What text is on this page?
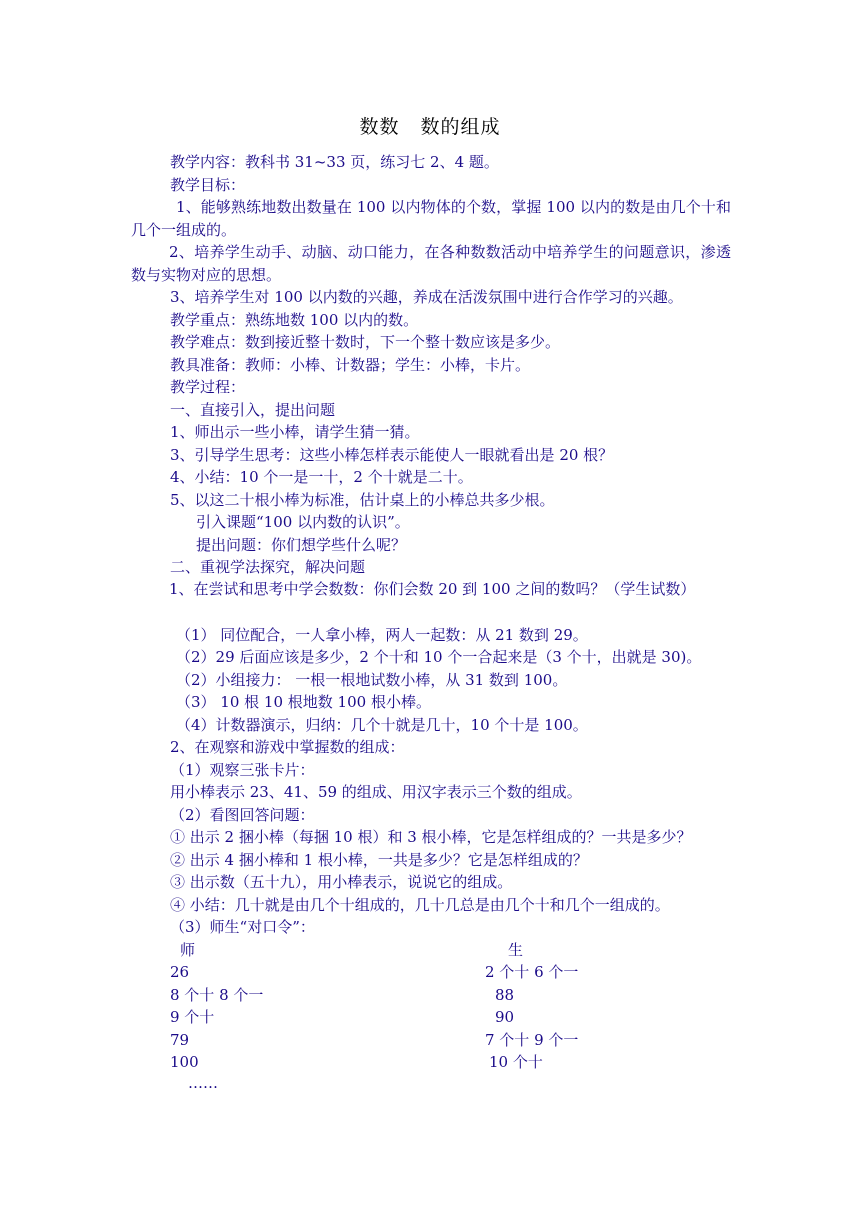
数数   数的组成
教学内容：教科书 31~33 页，练习七 2、4 题。
教学目标：
1、能够熟练地数出数量在 100 以内物体的个数，掌握 100 以内的数是由几个十和几个一组成的。
2、培养学生动手、动脑、动口能力，在各种数数活动中培养学生的问题意识，渗透数与实物对应的思想。
3、培养学生对 100 以内数的兴趣，养成在活泼氛围中进行合作学习的兴趣。
教学重点：熟练地数 100 以内的数。
教学难点：数到接近整十数时，下一个整十数应该是多少。
教具准备：教师：小棒、计数器；学生：小棒，卡片。
教学过程：
一、直接引入，提出问题
1、师出示一些小棒，请学生猜一猜。
3、引导学生思考：这些小棒怎样表示能使人一眼就看出是 20 根？
4、小结：10 个一是一十，2 个十就是二十。
5、以这二十根小棒为标准，估计桌上的小棒总共多少根。
引入课题“100 以内数的认识”。
提出问题：你们想学些什么呢？
二、重视学法探究，解决问题
1、在尝试和思考中学会数数：你们会数 20 到 100 之间的数吗？（学生试数）
（1） 同位配合，一人拿小棒，两人一起数：从 21 数到 29。
（2）29 后面应该是多少，2 个十和 10 个一合起来是（3 个十，出就是 30)。
（2）小组接力： 一根一根地试数小棒，从 31 数到 100。
（3） 10 根 10 根地数 100 根小棒。
（4）计数器演示，归纳：几个十就是几十，10 个十是 100。
2、在观察和游戏中掌握数的组成：
（1）观察三张卡片：
用小棒表示 23、41、59 的组成、用汉字表示三个数的组成。
（2）看图回答问题：
① 出示 2 捆小棒（每捆 10 根）和 3 根小棒，它是怎样组成的？一共是多少？
② 出示 4 捆小棒和 1 根小棒，一共是多少？它是怎样组成的？
③ 出示数（五十九），用小棒表示，说说它的组成。
④ 小结：几十就是由几个十组成的，几十几总是由几个十和几个一组成的。
（3）师生“对口令”：
师	生
26	2 个十 6 个一
8 个十 8 个一	88
9 个十	90
79	7 个十 9 个一
100	10 个十
……
